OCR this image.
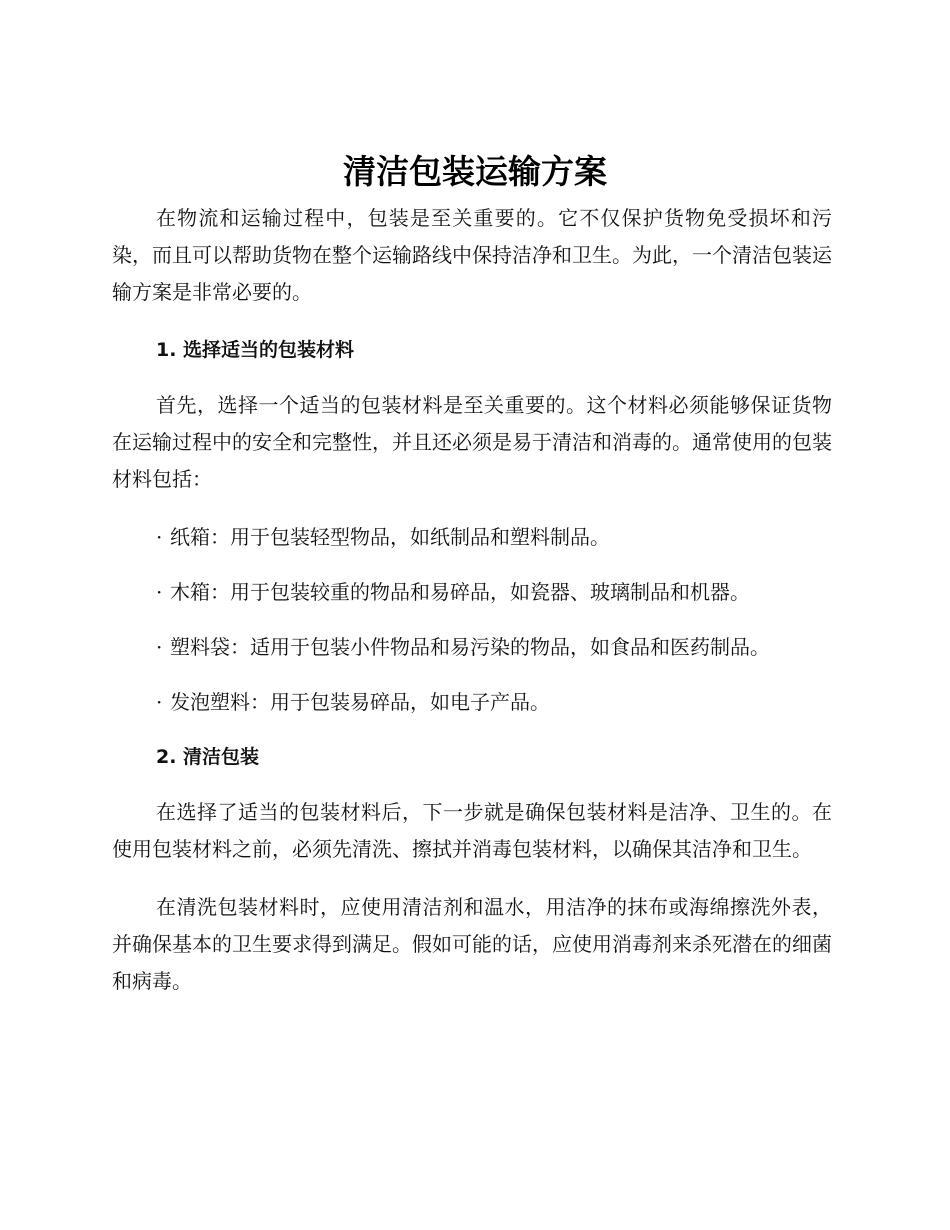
清洁包装运输方案

在物流和运输过程中，包装是至关重要的。它不仅保护货物免受损坏和污染，而且可以帮助货物在整个运输路线中保持洁净和卫生。为此，一个清洁包装运输方案是非常必要的。

1. 选择适当的包装材料

首先，选择一个适当的包装材料是至关重要的。这个材料必须能够保证货物在运输过程中的安全和完整性，并且还必须是易于清洁和消毒的。通常使用的包装材料包括：

· 纸箱：用于包装轻型物品，如纸制品和塑料制品。
· 木箱：用于包装较重的物品和易碎品，如瓷器、玻璃制品和机器。
· 塑料袋：适用于包装小件物品和易污染的物品，如食品和医药制品。
· 发泡塑料：用于包装易碎品，如电子产品。

2. 清洁包装

在选择了适当的包装材料后，下一步就是确保包装材料是洁净、卫生的。在使用包装材料之前，必须先清洗、擦拭并消毒包装材料，以确保其洁净和卫生。

在清洗包装材料时，应使用清洁剂和温水，用洁净的抹布或海绵擦洗外表，并确保基本的卫生要求得到满足。假如可能的话，应使用消毒剂来杀死潜在的细菌和病毒。
